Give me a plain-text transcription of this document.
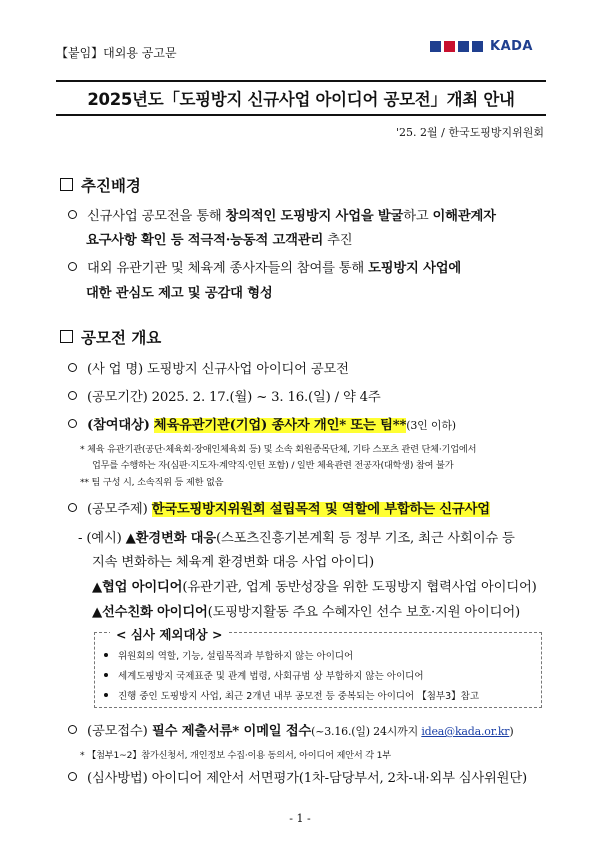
【붙임】대외용 공고문	KADA
2025년도「도핑방지 신규사업 아이디어 공모전」개최 안내
'25. 2월 / 한국도핑방지위원회
추진배경
신규사업 공모전을 통해 창의적인 도핑방지 사업을 발굴하고 이해관계자
요구사항 확인 등 적극적·능동적 고객관리 추진
대외 유관기관 및 체육계 종사자들의 참여를 통해 도핑방지 사업에
대한 관심도 제고 및 공감대 형성
공모전 개요
(사 업 명) 도핑방지 신규사업 아이디어 공모전
(공모기간) 2025. 2. 17.(월) ~ 3. 16.(일) / 약 4주
(참여대상) 체육유관기관(기업) 종사자 개인* 또는 팀**(3인 이하)
* 체육 유관기관(공단·체육회·장애인체육회 등) 및 소속 회원종목단체, 기타 스포츠 관련 단체·기업에서
업무를 수행하는 자(심판·지도자·계약직·인턴 포함) / 일반 체육관련 전공자(대학생) 참여 불가
** 팀 구성 시, 소속직위 등 제한 없음
(공모주제) 한국도핑방지위원회 설립목적 및 역할에 부합하는 신규사업
- (예시) ▲환경변화 대응(스포츠진흥기본계획 등 정부 기조, 최근 사회이슈 등
지속 변화하는 체육계 환경변화 대응 사업 아이디)
▲협업 아이디어(유관기관, 업계 동반성장을 위한 도핑방지 협력사업 아이디어)
▲선수친화 아이디어(도핑방지활동 주요 수혜자인 선수 보호·지원 아이디어)
< 심사 제외대상 >
위원회의 역할, 기능, 설립목적과 부합하지 않는 아이디어
세계도핑방지 국제표준 및 관계 법령, 사회규범 상 부합하지 않는 아이디어
진행 중인 도핑방지 사업, 최근 2개년 내부 공모전 등 중복되는 아이디어 【첨부3】참고
(공모접수) 필수 제출서류* 이메일 접수(~3.16.(일) 24시까지 idea@kada.or.kr)
* 【첨부1~2】참가신청서, 개인정보 수집·이용 동의서, 아이디어 제안서 각 1부
(심사방법) 아이디어 제안서 서면평가(1차-담당부서, 2차-내·외부 심사위원단)
- 1 -
